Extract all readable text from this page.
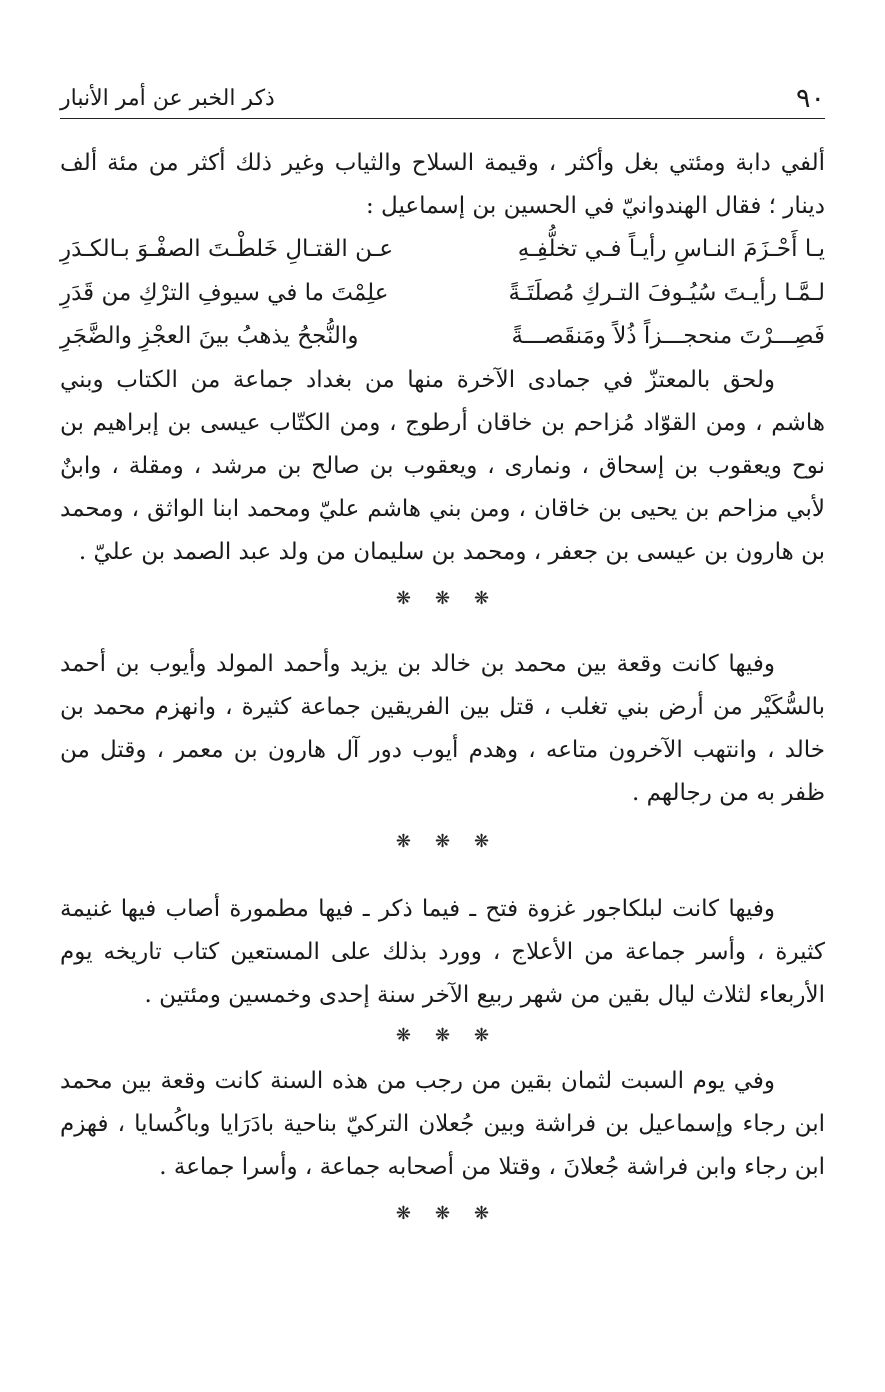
٩٠
ذكر الخبر عن أمر الأنبار

ألفي دابة ومئتي بغل وأكثر ، وقيمة السلاح والثياب وغير ذلك أكثر من مئة ألف دينار ؛ فقال الهندوانيّ في الحسين بن إسماعيل :

يـا أَحْـزَمَ النـاسِ رأيـاً فـي تخلُّفِـهِ
عـن القتـالِ خَلطْـتَ الصفْـوَ بـالكـدَرِ
لـمَّـا رأيـتَ سُيُـوفَ التـركِ مُصلَتَـةً
علِمْتَ ما في سيوفِ الترْكِ من قَدَرِ
فَصِـــرْتَ منحجـــزاً ذُلاً ومَنقَصـــةً
والنُّجحُ يذهبُ بينَ العجْزِ والضَّجَرِ

ولحق بالمعتزّ في جمادى الآخرة منها من بغداد جماعة من الكتاب وبني هاشم ، ومن القوّاد مُزاحم بن خاقان أرطوج ، ومن الكتّاب عيسى بن إبراهيم بن نوح ويعقوب بن إسحاق ، ونمارى ، ويعقوب بن صالح بن مرشد ، ومقلة ، وابنٌ لأبي مزاحم بن يحيى بن خاقان ، ومن بني هاشم عليّ ومحمد ابنا الواثق ، ومحمد بن هارون بن عيسى بن جعفر ، ومحمد بن سليمان من ولد عبد الصمد بن عليّ .

❋ ❋ ❋

وفيها كانت وقعة بين محمد بن خالد بن يزيد وأحمد المولد وأيوب بن أحمد بالسُّكَيْر من أرض بني تغلب ، قتل بين الفريقين جماعة كثيرة ، وانهزم محمد بن خالد ، وانتهب الآخرون متاعه ، وهدم أيوب دور آل هارون بن معمر ، وقتل من ظفر به من رجالهم .

❋ ❋ ❋

وفيها كانت لبلكاجور غزوة فتح ـ فيما ذكر ـ فيها مطمورة أصاب فيها غنيمة كثيرة ، وأسر جماعة من الأعلاج ، وورد بذلك على المستعين كتاب تاريخه يوم الأربعاء لثلاث ليال بقين من شهر ربيع الآخر سنة إحدى وخمسين ومئتين .

❋ ❋ ❋

وفي يوم السبت لثمان بقين من رجب من هذه السنة كانت وقعة بين محمد ابن رجاء وإسماعيل بن فراشة وبين جُعلان التركيّ بناحية بادَرَايا وباكُسايا ، فهزم ابن رجاء وابن فراشة جُعلانَ ، وقتلا من أصحابه جماعة ، وأسرا جماعة .

❋ ❋ ❋
